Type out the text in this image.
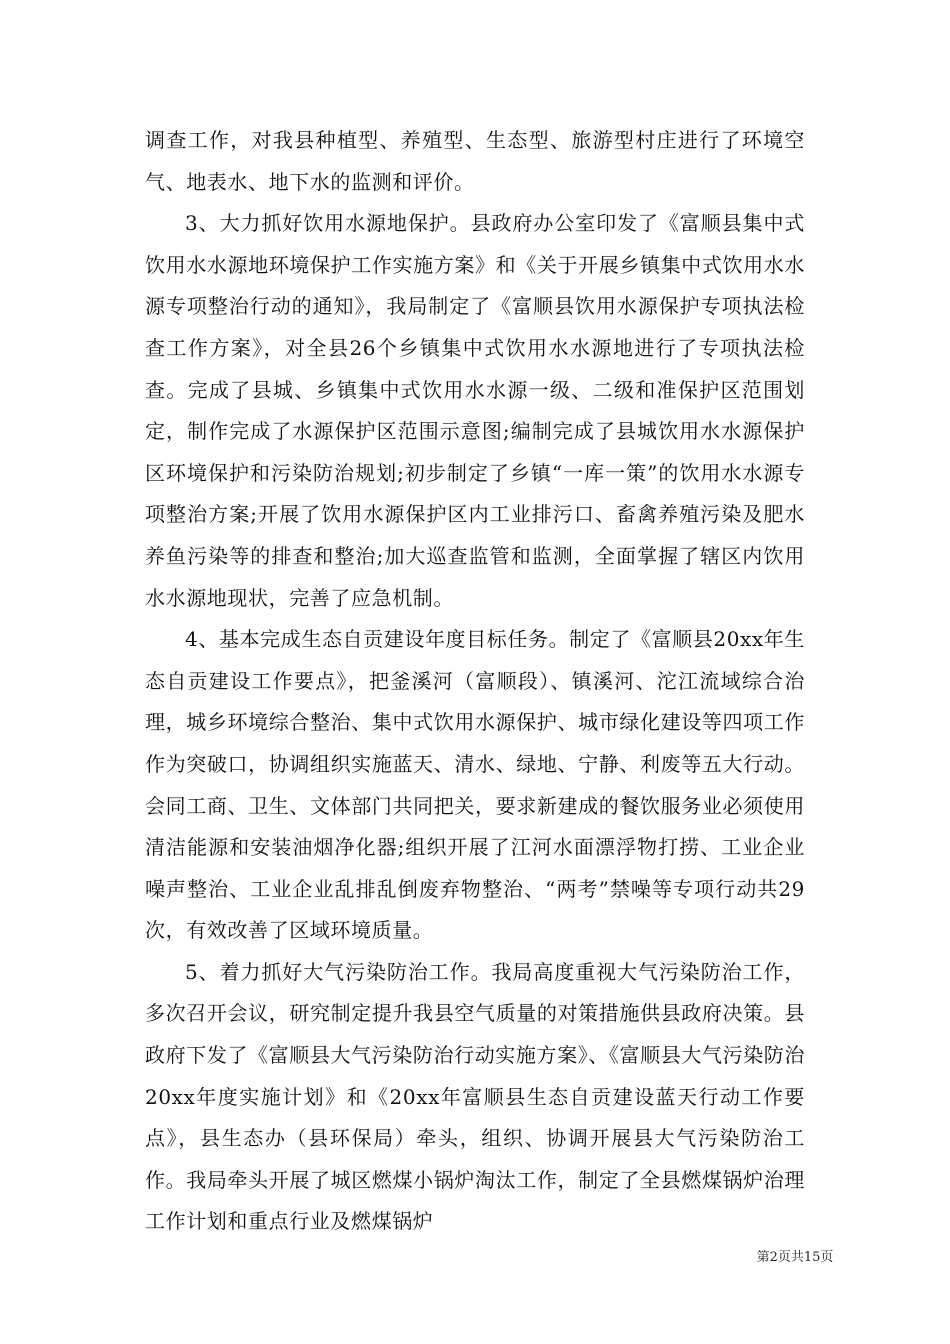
调查工作，对我县种植型、养殖型、生态型、旅游型村庄进行了环境空气、地表水、地下水的监测和评价。

3、大力抓好饮用水源地保护。县政府办公室印发了《富顺县集中式饮用水水源地环境保护工作实施方案》和《关于开展乡镇集中式饮用水水源专项整治行动的通知》，我局制定了《富顺县饮用水源保护专项执法检查工作方案》，对全县26个乡镇集中式饮用水水源地进行了专项执法检查。完成了县城、乡镇集中式饮用水水源一级、二级和准保护区范围划定，制作完成了水源保护区范围示意图;编制完成了县城饮用水水源保护区环境保护和污染防治规划;初步制定了乡镇“一库一策”的饮用水水源专项整治方案;开展了饮用水源保护区内工业排污口、畜禽养殖污染及肥水养鱼污染等的排查和整治;加大巡查监管和监测，全面掌握了辖区内饮用水水源地现状，完善了应急机制。

4、基本完成生态自贡建设年度目标任务。制定了《富顺县20xx年生态自贡建设工作要点》，把釜溪河（富顺段）、镇溪河、沱江流域综合治理，城乡环境综合整治、集中式饮用水源保护、城市绿化建设等四项工作作为突破口，协调组织实施蓝天、清水、绿地、宁静、利废等五大行动。会同工商、卫生、文体部门共同把关，要求新建成的餐饮服务业必须使用清洁能源和安装油烟净化器;组织开展了江河水面漂浮物打捞、工业企业噪声整治、工业企业乱排乱倒废弃物整治、“两考”禁噪等专项行动共29次，有效改善了区域环境质量。

5、着力抓好大气污染防治工作。我局高度重视大气污染防治工作，多次召开会议，研究制定提升我县空气质量的对策措施供县政府决策。县政府下发了《富顺县大气污染防治行动实施方案》、《富顺县大气污染防治20xx年度实施计划》和《20xx年富顺县生态自贡建设蓝天行动工作要点》，县生态办（县环保局）牵头，组织、协调开展县大气污染防治工作。我局牵头开展了城区燃煤小锅炉淘汰工作，制定了全县燃煤锅炉治理工作计划和重点行业及燃煤锅炉

第2页共15页
